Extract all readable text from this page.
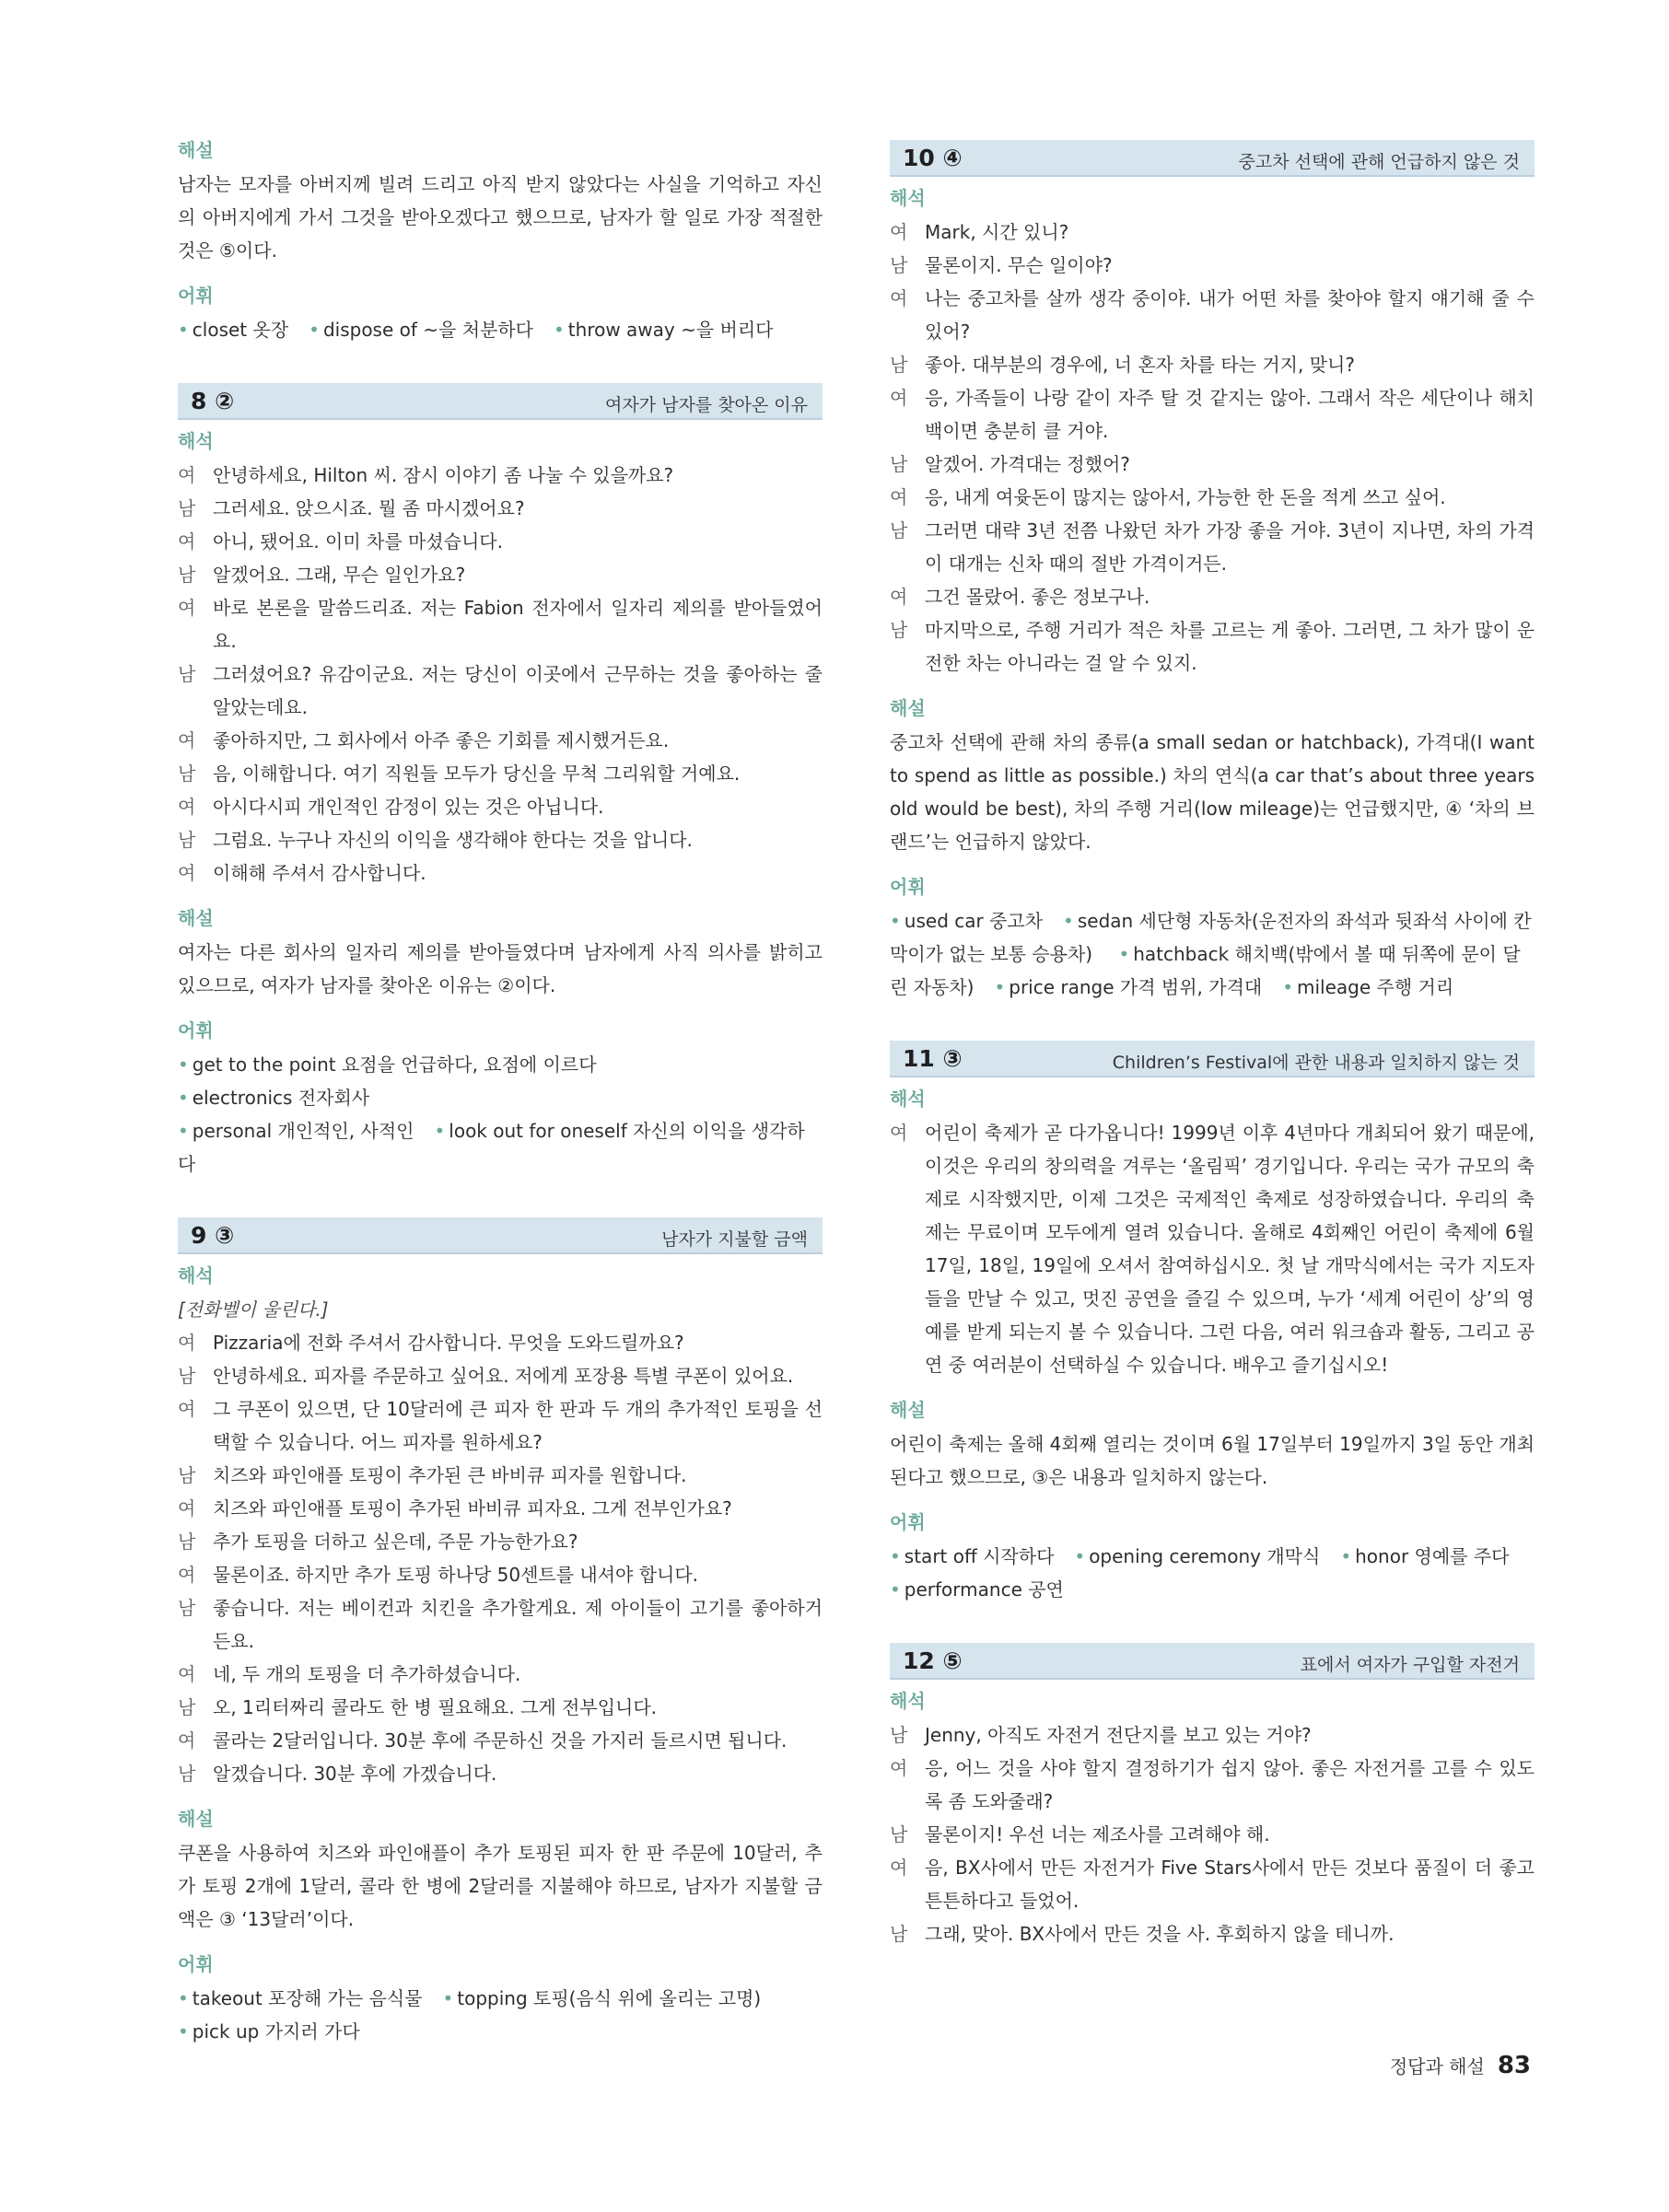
해설

남자는 모자를 아버지께 빌려 드리고 아직 받지 않았다는 사실을 기억하고 자신의 아버지에게 가서 그것을 받아오겠다고 했으므로, 남자가 할 일로 가장 적절한 것은 ⑤이다.

어휘
• closet 옷장 • dispose of ~을 처분하다 • throw away ~을 버리다
8 ②	여자가 남자를 찾아온 이유
해석
여 안녕하세요, Hilton 씨. 잠시 이야기 좀 나눌 수 있을까요?
남 그러세요. 앉으시죠. 뭘 좀 마시겠어요?
여 아니, 됐어요. 이미 차를 마셨습니다.
남 알겠어요. 그래, 무슨 일인가요?
여 바로 본론을 말씀드리죠. 저는 Fabion 전자에서 일자리 제의를 받아들였어요.
남 그러셨어요? 유감이군요. 저는 당신이 이곳에서 근무하는 것을 좋아하는 줄 알았는데요.
여 좋아하지만, 그 회사에서 아주 좋은 기회를 제시했거든요.
남 음, 이해합니다. 여기 직원들 모두가 당신을 무척 그리워할 거예요.
여 아시다시피 개인적인 감정이 있는 것은 아닙니다.
남 그럼요. 누구나 자신의 이익을 생각해야 한다는 것을 압니다.
여 이해해 주셔서 감사합니다.
해설

여자는 다른 회사의 일자리 제의를 받아들였다며 남자에게 사직 의사를 밝히고 있으므로, 여자가 남자를 찾아온 이유는 ②이다.

어휘
• get to the point 요점을 언급하다, 요점에 이르다• electronics 전자회사
• personal 개인적인, 사적인 • look out for oneself 자신의 이익을 생각하다
9 ③	남자가 지불할 금액
해석
[전화벨이 울린다.]
여 Pizzaria에 전화 주셔서 감사합니다. 무엇을 도와드릴까요?
남 안녕하세요. 피자를 주문하고 싶어요. 저에게 포장용 특별 쿠폰이 있어요.
여 그 쿠폰이 있으면, 단 10달러에 큰 피자 한 판과 두 개의 추가적인 토핑을 선택할 수 있습니다. 어느 피자를 원하세요?
남 치즈와 파인애플 토핑이 추가된 큰 바비큐 피자를 원합니다.
여 치즈와 파인애플 토핑이 추가된 바비큐 피자요. 그게 전부인가요?
남 추가 토핑을 더하고 싶은데, 주문 가능한가요?
여 물론이죠. 하지만 추가 토핑 하나당 50센트를 내셔야 합니다.
남 좋습니다. 저는 베이컨과 치킨을 추가할게요. 제 아이들이 고기를 좋아하거든요.
여 네, 두 개의 토핑을 더 추가하셨습니다.
남 오, 1리터짜리 콜라도 한 병 필요해요. 그게 전부입니다.
여 콜라는 2달러입니다. 30분 후에 주문하신 것을 가지러 들르시면 됩니다.
남 알겠습니다. 30분 후에 가겠습니다.
해설

쿠폰을 사용하여 치즈와 파인애플이 추가 토핑된 피자 한 판 주문에 10달러, 추가 토핑 2개에 1달러, 콜라 한 병에 2달러를 지불해야 하므로, 남자가 지불할 금액은 ③ ‘13달러’이다.

어휘
• takeout 포장해 가는 음식물 • topping 토핑(음식 위에 올리는 고명)
• pick up 가지러 가다
10 ④	중고차 선택에 관해 언급하지 않은 것
해석
여 Mark, 시간 있니?
남 물론이지. 무슨 일이야?
여 나는 중고차를 살까 생각 중이야. 내가 어떤 차를 찾아야 할지 얘기해 줄 수 있어?
남 좋아. 대부분의 경우에, 너 혼자 차를 타는 거지, 맞니?
여 응, 가족들이 나랑 같이 자주 탈 것 같지는 않아. 그래서 작은 세단이나 해치백이면 충분히 클 거야.
남 알겠어. 가격대는 정했어?
여 응, 내게 여윳돈이 많지는 않아서, 가능한 한 돈을 적게 쓰고 싶어.
남 그러면 대략 3년 전쯤 나왔던 차가 가장 좋을 거야. 3년이 지나면, 차의 가격이 대개는 신차 때의 절반 가격이거든.
여 그건 몰랐어. 좋은 정보구나.
남 마지막으로, 주행 거리가 적은 차를 고르는 게 좋아. 그러면, 그 차가 많이 운전한 차는 아니라는 걸 알 수 있지.
해설

중고차 선택에 관해 차의 종류(a small sedan or hatchback), 가격대(I want to spend as little as possible.) 차의 연식(a car that’s about three years old would be best), 차의 주행 거리(low mileage)는 언급했지만, ④ ‘차의 브랜드’는 언급하지 않았다.

어휘
• used car 중고차 • sedan 세단형 자동차(운전자의 좌석과 뒷좌석 사이에 칸막이가 없는 보통 승용차) • hatchback 해치백(밖에서 볼 때 뒤쪽에 문이 달린 자동차) • price range 가격 범위, 가격대 • mileage 주행 거리
11 ③	Children’s Festival에 관한 내용과 일치하지 않는 것
해석
여 어린이 축제가 곧 다가옵니다! 1999년 이후 4년마다 개최되어 왔기 때문에, 이것은 우리의 창의력을 겨루는 ‘올림픽’ 경기입니다. 우리는 국가 규모의 축제로 시작했지만, 이제 그것은 국제적인 축제로 성장하였습니다. 우리의 축제는 무료이며 모두에게 열려 있습니다. 올해로 4회째인 어린이 축제에 6월 17일, 18일, 19일에 오셔서 참여하십시오. 첫 날 개막식에서는 국가 지도자들을 만날 수 있고, 멋진 공연을 즐길 수 있으며, 누가 ‘세계 어린이 상’의 영예를 받게 되는지 볼 수 있습니다. 그런 다음, 여러 워크숍과 활동, 그리고 공연 중 여러분이 선택하실 수 있습니다. 배우고 즐기십시오!
해설

어린이 축제는 올해 4회째 열리는 것이며 6월 17일부터 19일까지 3일 동안 개최된다고 했으므로, ③은 내용과 일치하지 않는다.

어휘
• start off 시작하다 • opening ceremony 개막식 • honor 영예를 주다
• performance 공연
12 ⑤	표에서 여자가 구입할 자전거
해석
남 Jenny, 아직도 자전거 전단지를 보고 있는 거야?
여 응, 어느 것을 사야 할지 결정하기가 쉽지 않아. 좋은 자전거를 고를 수 있도록 좀 도와줄래?
남 물론이지! 우선 너는 제조사를 고려해야 해.
여 음, BX사에서 만든 자전거가 Five Stars사에서 만든 것보다 품질이 더 좋고 튼튼하다고 들었어.
남 그래, 맞아. BX사에서 만든 것을 사. 후회하지 않을 테니까.
정답과 해설 83
